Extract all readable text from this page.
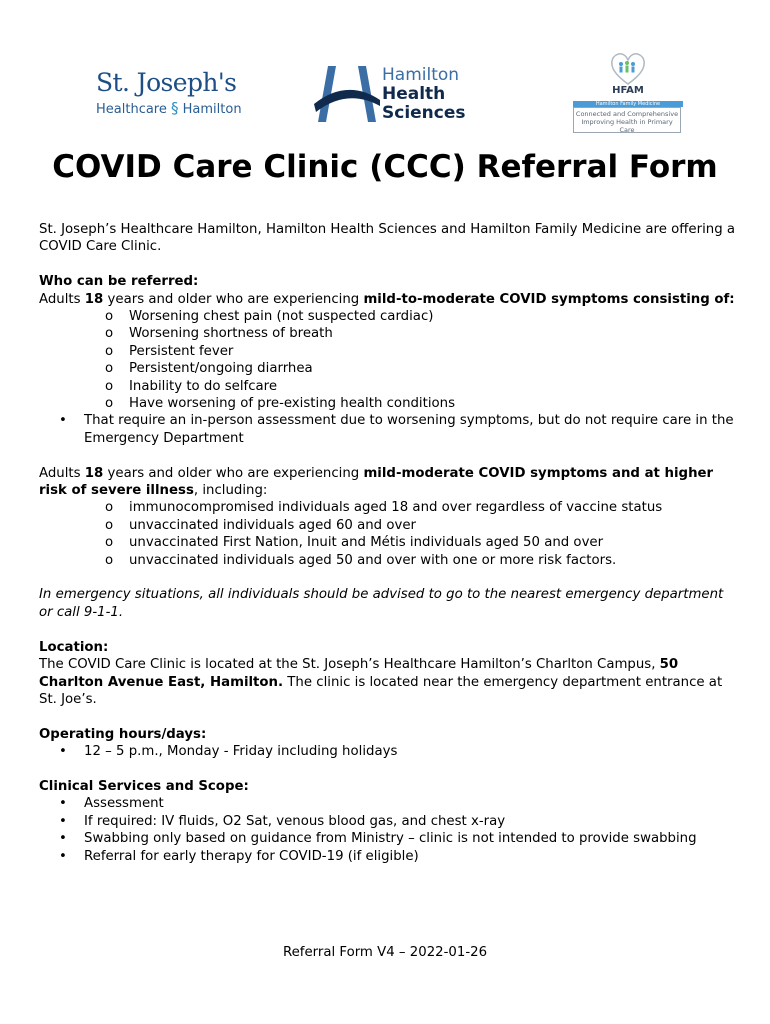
St. Joseph's
Healthcare § Hamilton
Hamilton
Health
Sciences
HFAM
Hamilton Family Medicine
Connected and Comprehensive Improving Health in Primary Care
COVID Care Clinic (CCC) Referral Form

St. Joseph’s Healthcare Hamilton, Hamilton Health Sciences and Hamilton Family Medicine are offering a COVID Care Clinic.

Who can be referred:

Adults 18 years and older who are experiencing mild-to-moderate COVID symptoms consisting of:

o Worsening chest pain (not suspected cardiac)
o Worsening shortness of breath
o Persistent fever
o Persistent/ongoing diarrhea
o Inability to do selfcare
o Have worsening of pre-existing health conditions
• That require an in-person assessment due to worsening symptoms, but do not require care in the Emergency Department

Adults 18 years and older who are experiencing mild-moderate COVID symptoms and at higher risk of severe illness, including:

o immunocompromised individuals aged 18 and over regardless of vaccine status
o unvaccinated individuals aged 60 and over
o unvaccinated First Nation, Inuit and Métis individuals aged 50 and over
o unvaccinated individuals aged 50 and over with one or more risk factors.

In emergency situations, all individuals should be advised to go to the nearest emergency department or call 9-1-1.

Location:

The COVID Care Clinic is located at the St. Joseph’s Healthcare Hamilton’s Charlton Campus, 50 Charlton Avenue East, Hamilton. The clinic is located near the emergency department entrance at St. Joe’s.

Operating hours/days:

• 12 – 5 p.m., Monday - Friday including holidays

Clinical Services and Scope:

• Assessment
• If required: IV fluids, O2 Sat, venous blood gas, and chest x-ray
• Swabbing only based on guidance from Ministry – clinic is not intended to provide swabbing
• Referral for early therapy for COVID-19 (if eligible)
Referral Form V4 – 2022-01-26
